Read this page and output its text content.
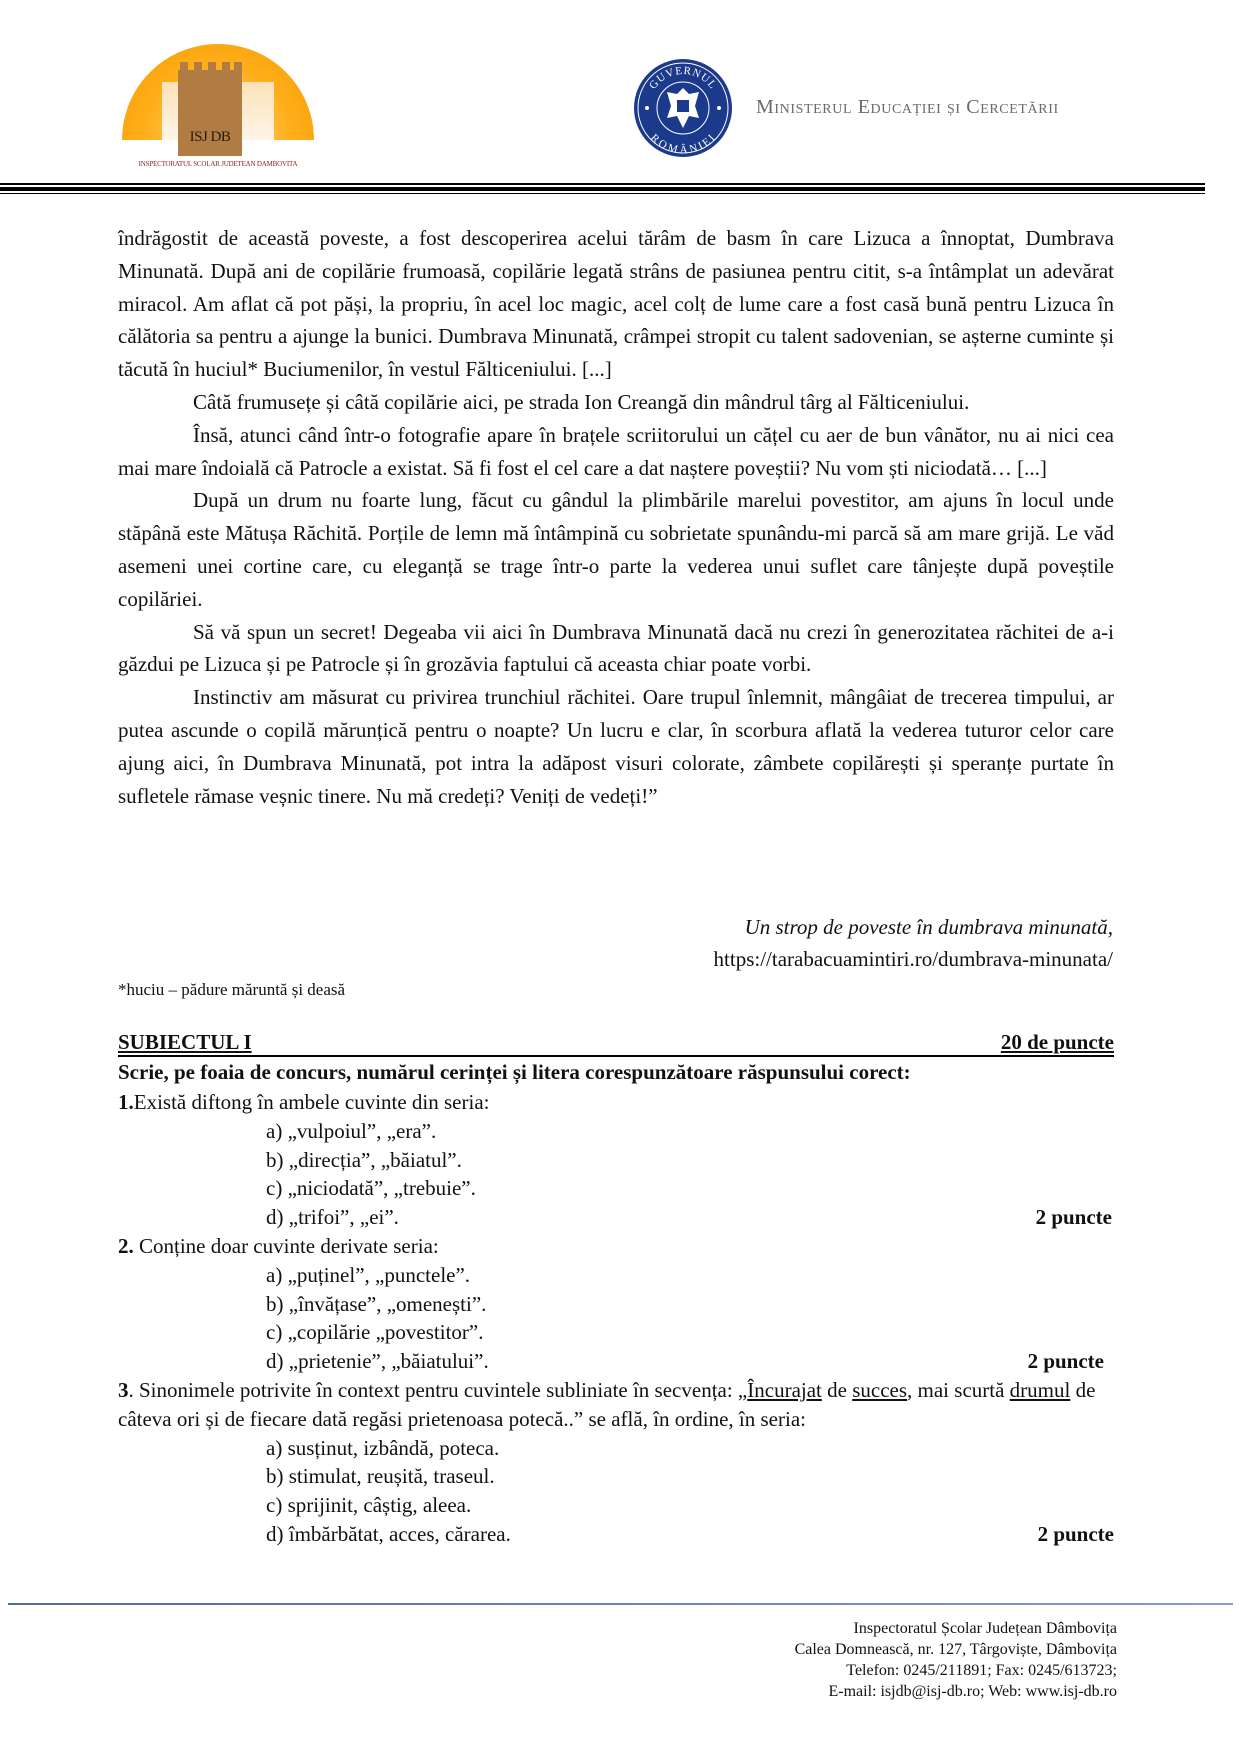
ISJ DB
INSPECTORATUL SCOLAR JUDETEAN DAMBOVITA
GUVERNUL
ROMÂNIEI
Ministerul Educației și Cercetării

îndrăgostit de această poveste, a fost descoperirea acelui tărâm de basm în care Lizuca a înnoptat, Dumbrava Minunată. După ani de copilărie frumoasă, copilărie legată strâns de pasiunea pentru citit, s-a întâmplat un adevărat miracol. Am aflat că pot păși, la propriu, în acel loc magic, acel colț de lume care a fost casă bună pentru Lizuca în călătoria sa pentru a ajunge la bunici. Dumbrava Minunată, crâmpei stropit cu talent sadovenian, se așterne cuminte și tăcută în huciul* Buciumenilor, în vestul Fălticeniului. [...]

Câtă frumusețe și câtă copilărie aici, pe strada Ion Creangă din mândrul târg al Fălticeniului.

Însă, atunci când într-o fotografie apare în brațele scriitorului un cățel cu aer de bun vânător, nu ai nici cea mai mare îndoială că Patrocle a existat. Să fi fost el cel care a dat naștere poveștii? Nu vom ști niciodată… [...]

După un drum nu foarte lung, făcut cu gândul la plimbările marelui povestitor, am ajuns în locul unde stăpână este Mătușa Răchită. Porțile de lemn mă întâmpină cu sobrietate spunându-mi parcă să am mare grijă. Le văd asemeni unei cortine care, cu eleganță se trage într-o parte la vederea unui suflet care tânjește după poveștile copilăriei.

Să vă spun un secret! Degeaba vii aici în Dumbrava Minunată dacă nu crezi în generozitatea răchitei de a-i găzdui pe Lizuca și pe Patrocle și în grozăvia faptului că aceasta chiar poate vorbi.

Instinctiv am măsurat cu privirea trunchiul răchitei. Oare trupul înlemnit, mângâiat de trecerea timpului, ar putea ascunde o copilă mărunțică pentru o noapte? Un lucru e clar, în scorbura aflată la vederea tuturor celor care ajung aici, în Dumbrava Minunată, pot intra la adăpost visuri colorate, zâmbete copilărești și speranțe purtate în sufletele rămase veșnic tinere. Nu mă credeți? Veniți de vedeți!”

Un strop de poveste în dumbrava minunată,
https://tarabacuamintiri.ro/dumbrava-minunata/
*huciu – pădure măruntă și deasă
SUBIECTUL I	20 de puncte
Scrie, pe foaia de concurs, numărul cerinței și litera corespunzătoare răspunsului corect:
1.Există diftong în ambele cuvinte din seria:
a) „vulpoiul”, „era”.
b) „direcția”, „băiatul”.
c) „niciodată”, „trebuie”.
d) „trifoi”, „ei”.	2 puncte
2. Conține doar cuvinte derivate seria:
a) „puținel”, „punctele”.
b) „învățase”, „omenești”.
c) „copilărie „povestitor”.
d) „prietenie”, „băiatului”.	2 puncte
3. Sinonimele potrivite în context pentru cuvintele subliniate în secvența: „Încurajat de succes, mai scurtă drumul de câteva ori și de fiecare dată regăsi prietenoasa potecă..” se află, în ordine, în seria:
a) susținut, izbândă, poteca.
b) stimulat, reușită, traseul.
c) sprijinit, câștig, aleea.
d) îmbărbătat, acces, cărarea.	2 puncte
Inspectoratul Școlar Județean Dâmbovița
Calea Domnească, nr. 127, Târgoviște, Dâmbovița
Telefon: 0245/211891; Fax: 0245/613723;
E-mail: isjdb@isj-db.ro; Web: www.isj-db.ro
